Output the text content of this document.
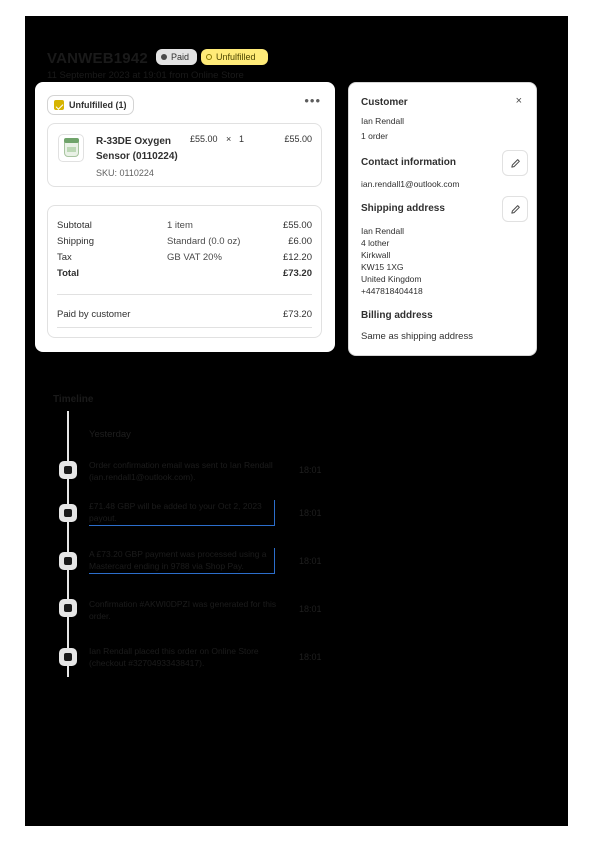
VANWEB1942	Paid	Unfulfilled
11 September 2023 at 19:01 from Online Store
Unfulfilled (1)	•••
R-33DE Oxygen Sensor (0110224)
SKU: 0110224
£55.00 × 1	£55.00
Subtotal	1 item	£55.00
Shipping	Standard (0.0 oz)	£6.00
Tax	GB VAT 20%	£12.20
Total	£73.20
Paid by customer	£73.20
Customer	×
Ian Rendall
1 order
Contact information
ian.rendall1@outlook.com
Shipping address
Ian Rendall
4 lother
Kirkwall
KW15 1XG
United Kingdom
+447818404418
Billing address
Same as shipping address
Timeline
Yesterday
Order confirmation email was sent to Ian Rendall (ian.rendall1@outlook.com).
18:01
£71.48 GBP will be added to your Oct 2, 2023 payout.	18:01
A £73.20 GBP payment was processed using a Mastercard ending in 9788 via Shop Pay.	18:01
Confirmation #AKWI0DPZI was generated for this order.
18:01
Ian Rendall placed this order on Online Store (checkout #32704933438417).
18:01
